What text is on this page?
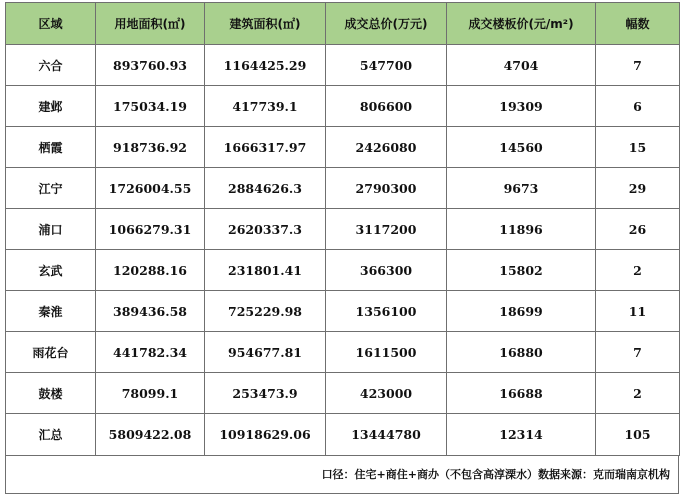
区域	用地面积(㎡)	建筑面积(㎡)	成交总价(万元)	成交楼板价(元/m²)	幅数
六合	893760.93	1164425.29	547700	4704	7
建邺	175034.19	417739.1	806600	19309	6
栖霞	918736.92	1666317.97	2426080	14560	15
江宁	1726004.55	2884626.3	2790300	9673	29
浦口	1066279.31	2620337.3	3117200	11896	26
玄武	120288.16	231801.41	366300	15802	2
秦淮	389436.58	725229.98	1356100	18699	11
雨花台	441782.34	954677.81	1611500	16880	7
鼓楼	78099.1	253473.9	423000	16688	2
汇总	5809422.08	10918629.06	13444780	12314	105
口径：住宅+商住+商办（不包含高淳溧水）数据来源：克而瑞南京机构
